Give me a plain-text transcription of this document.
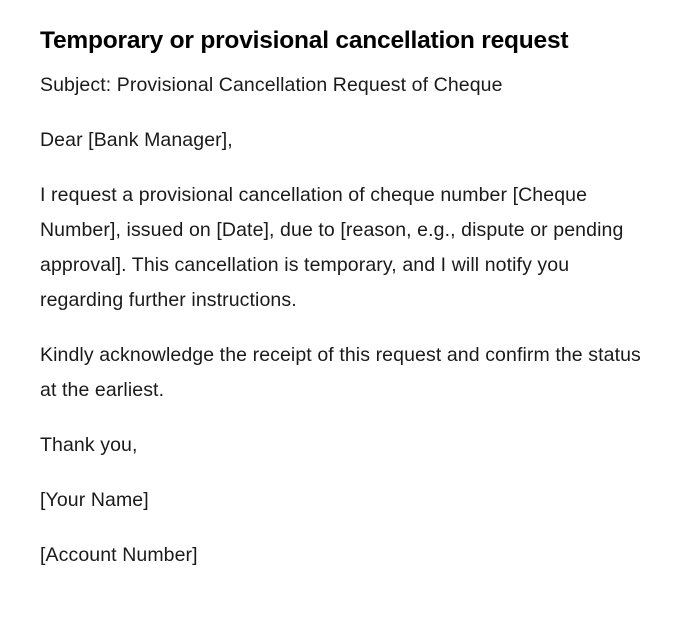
Temporary or provisional cancellation request

Subject: Provisional Cancellation Request of Cheque

Dear [Bank Manager],

I request a provisional cancellation of cheque number [Cheque Number], issued on [Date], due to [reason, e.g., dispute or pending approval]. This cancellation is temporary, and I will notify you regarding further instructions.

Kindly acknowledge the receipt of this request and confirm the status at the earliest.

Thank you,

[Your Name]

[Account Number]
